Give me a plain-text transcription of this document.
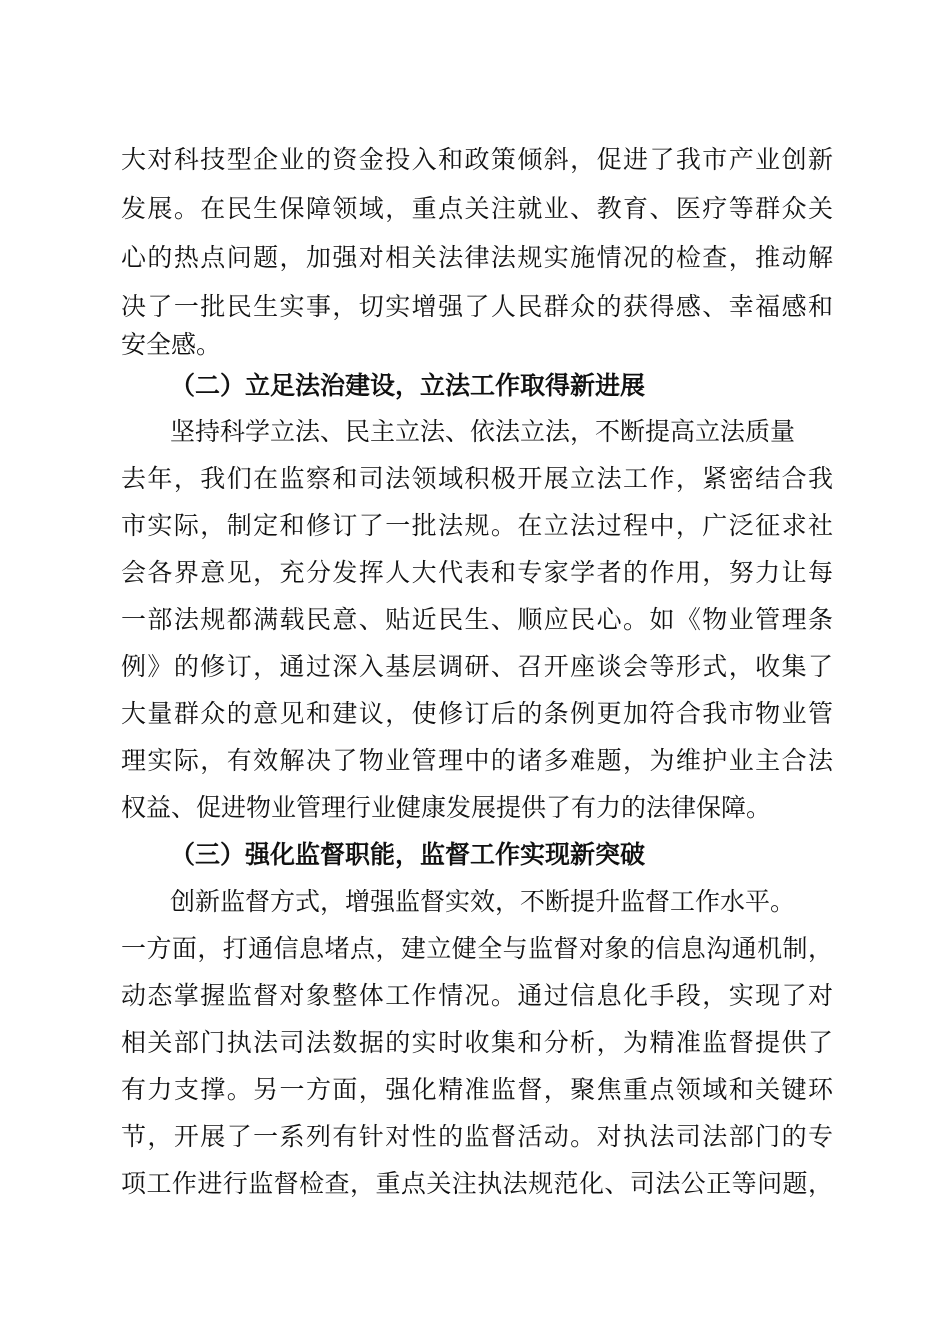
大对科技型企业的资金投入和政策倾斜，促进了我市产业创新
发展。在民生保障领域，重点关注就业、教育、医疗等群众关
心的热点问题，加强对相关法律法规实施情况的检查，推动解
决了一批民生实事，切实增强了人民群众的获得感、幸福感和
安全感。
（二）立足法治建设，立法工作取得新进展
坚持科学立法、民主立法、依法立法，不断提高立法质量
去年，我们在监察和司法领域积极开展立法工作，紧密结合我
市实际，制定和修订了一批法规。在立法过程中，广泛征求社
会各界意见，充分发挥人大代表和专家学者的作用，努力让每
一部法规都满载民意、贴近民生、顺应民心。如《物业管理条
例》的修订，通过深入基层调研、召开座谈会等形式，收集了
大量群众的意见和建议，使修订后的条例更加符合我市物业管
理实际，有效解决了物业管理中的诸多难题，为维护业主合法
权益、促进物业管理行业健康发展提供了有力的法律保障。
（三）强化监督职能，监督工作实现新突破
创新监督方式，增强监督实效，不断提升监督工作水平。
一方面，打通信息堵点，建立健全与监督对象的信息沟通机制，
动态掌握监督对象整体工作情况。通过信息化手段，实现了对
相关部门执法司法数据的实时收集和分析，为精准监督提供了
有力支撑。另一方面，强化精准监督，聚焦重点领域和关键环
节，开展了一系列有针对性的监督活动。对执法司法部门的专
项工作进行监督检查，重点关注执法规范化、司法公正等问题，
